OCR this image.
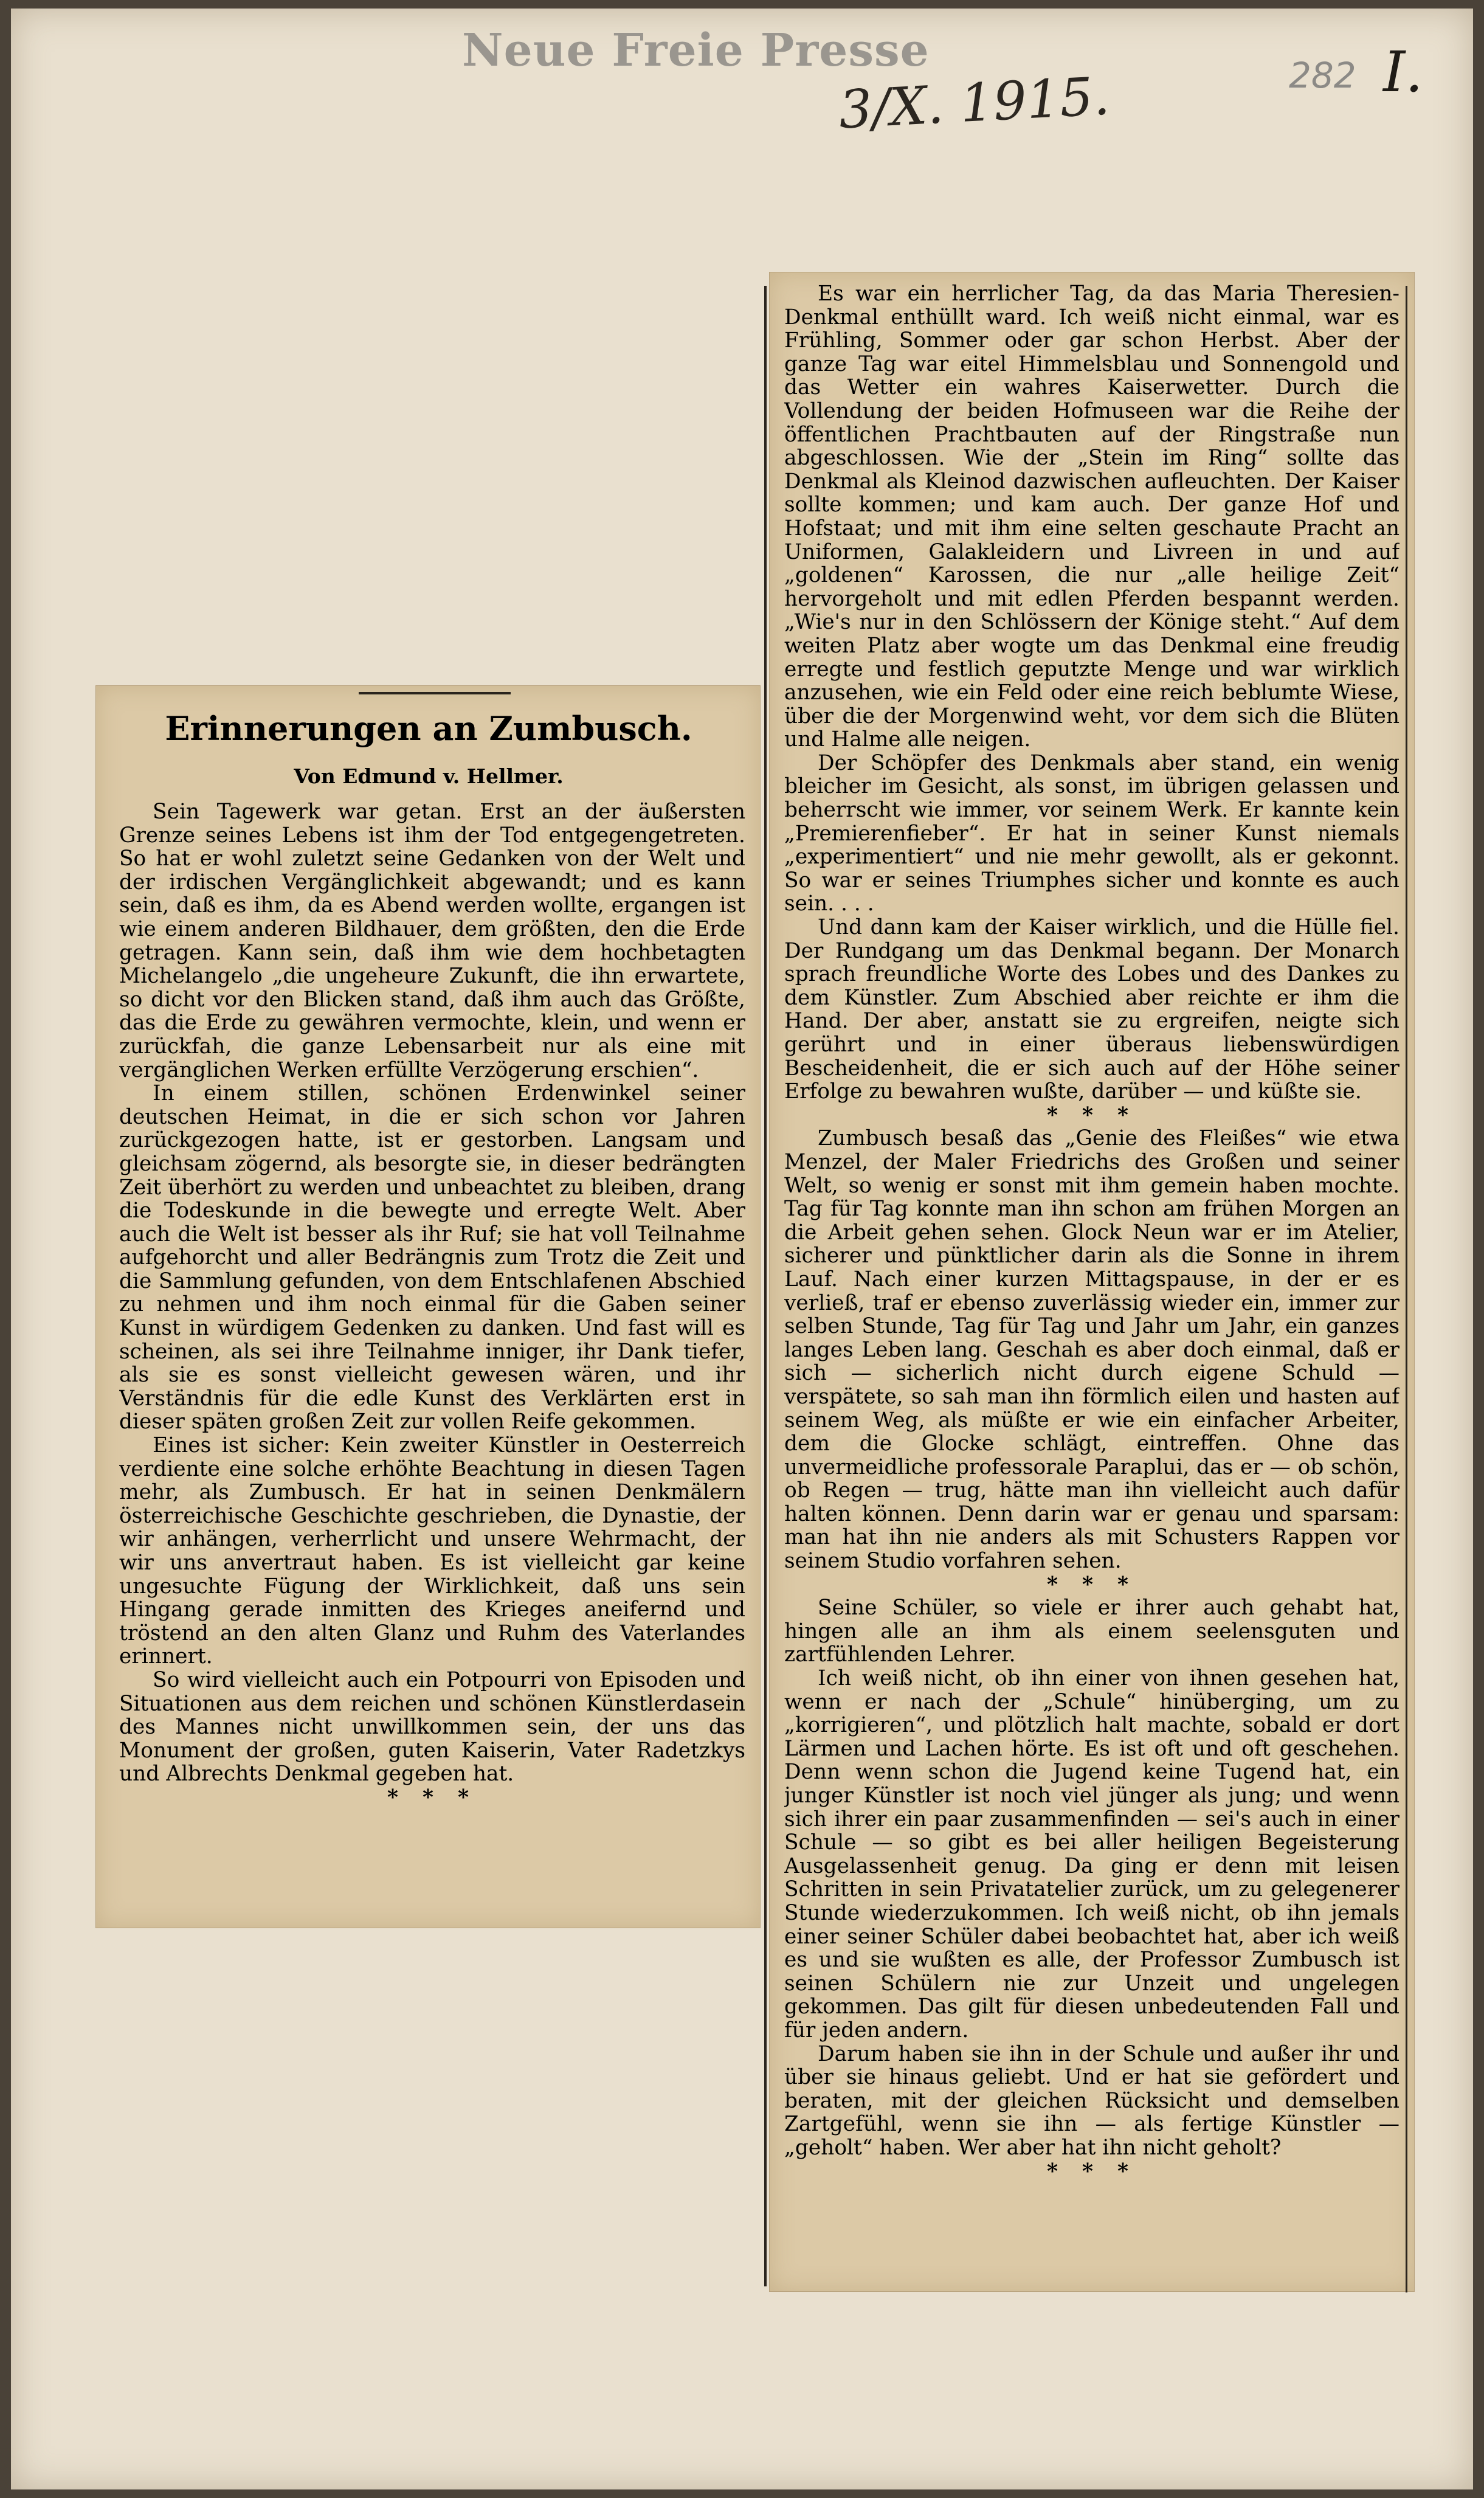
Neue Freie Presse
3/X. 1915.	282 I.
Erinnerungen an Zumbusch.
Von Edmund v. Hellmer.

Sein Tagewerk war getan. Erst an der äußersten Grenze seines Lebens ist ihm der Tod entgegengetreten. So hat er wohl zuletzt seine Gedanken von der Welt und der irdischen Vergänglichkeit abgewandt; und es kann sein, daß es ihm, da es Abend werden wollte, ergangen ist wie einem anderen Bildhauer, dem größten, den die Erde getragen. Kann sein, daß ihm wie dem hochbetagten Michelangelo „die ungeheure Zukunft, die ihn erwartete, so dicht vor den Blicken stand, daß ihm auch das Größte, das die Erde zu gewähren vermochte, klein, und wenn er zurückfah, die ganze Lebensarbeit nur als eine mit vergänglichen Werken erfüllte Verzögerung erschien“.

In einem stillen, schönen Erdenwinkel seiner deutschen Heimat, in die er sich schon vor Jahren zurückgezogen hatte, ist er gestorben. Langsam und gleichsam zögernd, als besorgte sie, in dieser bedrängten Zeit überhört zu werden und unbeachtet zu bleiben, drang die Todeskunde in die bewegte und erregte Welt. Aber auch die Welt ist besser als ihr Ruf; sie hat voll Teilnahme aufgehorcht und aller Bedrängnis zum Trotz die Zeit und die Sammlung gefunden, von dem Entschlafenen Abschied zu nehmen und ihm noch einmal für die Gaben seiner Kunst in würdigem Gedenken zu danken. Und fast will es scheinen, als sei ihre Teilnahme inniger, ihr Dank tiefer, als sie es sonst vielleicht gewesen wären, und ihr Verständnis für die edle Kunst des Verklärten erst in dieser späten großen Zeit zur vollen Reife gekommen.

Eines ist sicher: Kein zweiter Künstler in Oesterreich verdiente eine solche erhöhte Beachtung in diesen Tagen mehr, als Zumbusch. Er hat in seinen Denkmälern österreichische Geschichte geschrieben, die Dynastie, der wir anhängen, verherrlicht und unsere Wehrmacht, der wir uns anvertraut haben. Es ist vielleicht gar keine ungesuchte Fügung der Wirklichkeit, daß uns sein Hingang gerade inmitten des Krieges aneifernd und tröstend an den alten Glanz und Ruhm des Vaterlandes erinnert.

So wird vielleicht auch ein Potpourri von Episoden und Situationen aus dem reichen und schönen Künstlerdasein des Mannes nicht unwillkommen sein, der uns das Monument der großen, guten Kaiserin, Vater Radetzkys und Albrechts Denkmal gegeben hat.

* * *

Es war ein herrlicher Tag, da das Maria Theresien-Denkmal enthüllt ward. Ich weiß nicht einmal, war es Frühling, Sommer oder gar schon Herbst. Aber der ganze Tag war eitel Himmelsblau und Sonnengold und das Wetter ein wahres Kaiserwetter. Durch die Vollendung der beiden Hofmuseen war die Reihe der öffentlichen Prachtbauten auf der Ringstraße nun abgeschlossen. Wie der „Stein im Ring“ sollte das Denkmal als Kleinod dazwischen aufleuchten. Der Kaiser sollte kommen; und kam auch. Der ganze Hof und Hofstaat; und mit ihm eine selten geschaute Pracht an Uniformen, Galakleidern und Livreen in und auf „goldenen“ Karossen, die nur „alle heilige Zeit“ hervorgeholt und mit edlen Pferden bespannt werden. „Wie's nur in den Schlössern der Könige steht.“ Auf dem weiten Platz aber wogte um das Denkmal eine freudig erregte und festlich geputzte Menge und war wirklich anzusehen, wie ein Feld oder eine reich beblumte Wiese, über die der Morgenwind weht, vor dem sich die Blüten und Halme alle neigen.

Der Schöpfer des Denkmals aber stand, ein wenig bleicher im Gesicht, als sonst, im übrigen gelassen und beherrscht wie immer, vor seinem Werk. Er kannte kein „Premierenfieber“. Er hat in seiner Kunst niemals „experimentiert“ und nie mehr gewollt, als er gekonnt. So war er seines Triumphes sicher und konnte es auch sein. . . .

Und dann kam der Kaiser wirklich, und die Hülle fiel. Der Rundgang um das Denkmal begann. Der Monarch sprach freundliche Worte des Lobes und des Dankes zu dem Künstler. Zum Abschied aber reichte er ihm die Hand. Der aber, anstatt sie zu ergreifen, neigte sich gerührt und in einer überaus liebenswürdigen Bescheidenheit, die er sich auch auf der Höhe seiner Erfolge zu bewahren wußte, darüber — und küßte sie.

* * *

Zumbusch besaß das „Genie des Fleißes“ wie etwa Menzel, der Maler Friedrichs des Großen und seiner Welt, so wenig er sonst mit ihm gemein haben mochte. Tag für Tag konnte man ihn schon am frühen Morgen an die Arbeit gehen sehen. Glock Neun war er im Atelier, sicherer und pünktlicher darin als die Sonne in ihrem Lauf. Nach einer kurzen Mittagspause, in der er es verließ, traf er ebenso zuverlässig wieder ein, immer zur selben Stunde, Tag für Tag und Jahr um Jahr, ein ganzes langes Leben lang. Geschah es aber doch einmal, daß er sich — sicherlich nicht durch eigene Schuld — verspätete, so sah man ihn förmlich eilen und hasten auf seinem Weg, als müßte er wie ein einfacher Arbeiter, dem die Glocke schlägt, eintreffen. Ohne das unvermeidliche professorale Parapluі, das er — ob schön, ob Regen — trug, hätte man ihn vielleicht auch dafür halten können. Denn darin war er genau und sparsam: man hat ihn nie anders als mit Schusters Rappen vor seinem Studio vorfahren sehen.

* * *

Seine Schüler, so viele er ihrer auch gehabt hat, hingen alle an ihm als einem seelensguten und zartfühlenden Lehrer.

Ich weiß nicht, ob ihn einer von ihnen gesehen hat, wenn er nach der „Schule“ hinüberging, um zu „korrigieren“, und plötzlich halt machte, sobald er dort Lärmen und Lachen hörte. Es ist oft und oft geschehen. Denn wenn schon die Jugend keine Tugend hat, ein junger Künstler ist noch viel jünger als jung; und wenn sich ihrer ein paar zusammenfinden — sei's auch in einer Schule — so gibt es bei aller heiligen Begeisterung Ausgelassenheit genug. Da ging er denn mit leisen Schritten in sein Privatatelier zurück, um zu gelegenerer Stunde wiederzukommen. Ich weiß nicht, ob ihn jemals einer seiner Schüler dabei beobachtet hat, aber ich weiß es und sie wußten es alle, der Professor Zumbusch ist seinen Schülern nie zur Unzeit und ungelegen gekommen. Das gilt für diesen unbedeutenden Fall und für jeden andern.

Darum haben sie ihn in der Schule und außer ihr und über sie hinaus geliebt. Und er hat sie gefördert und beraten, mit der gleichen Rücksicht und demselben Zartgefühl, wenn sie ihn — als fertige Künstler — „geholt“ haben. Wer aber hat ihn nicht geholt?

* * *
